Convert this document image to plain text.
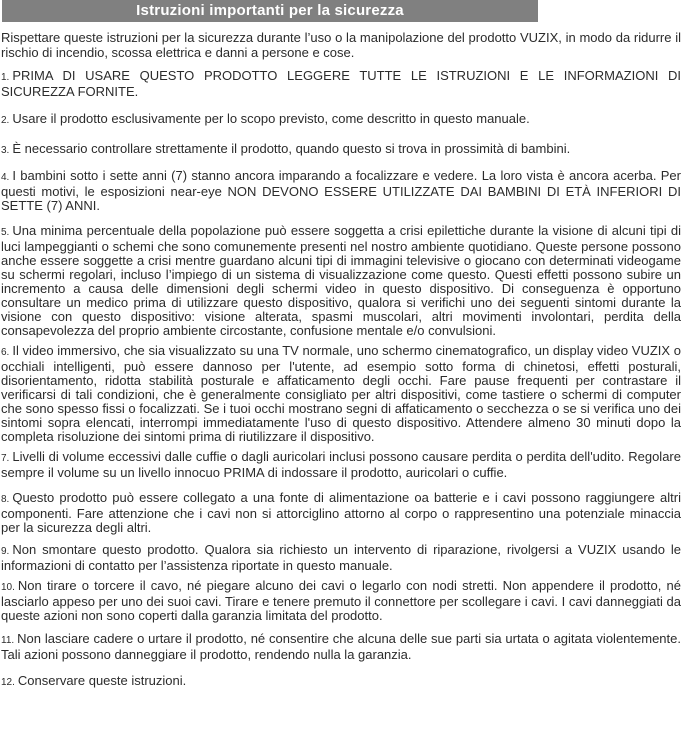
Istruzioni importanti per la sicurezza

Rispettare queste istruzioni per la sicurezza durante l’uso o la manipolazione del prodotto VUZIX, in modo da ridurre il rischio di incendio, scossa elettrica e danni a persone e cose.

1. PRIMA DI USARE QUESTO PRODOTTO LEGGERE TUTTE LE ISTRUZIONI E LE INFORMAZIONI DI SICUREZZA FORNITE.

2. Usare il prodotto esclusivamente per lo scopo previsto, come descritto in questo manuale.

3. È necessario controllare strettamente il prodotto, quando questo si trova in prossimità di bambini.

4. I bambini sotto i sette anni (7) stanno ancora imparando a focalizzare e vedere. La loro vista è ancora acerba. Per questi motivi, le esposizioni near-eye NON DEVONO ESSERE UTILIZZATE DAI BAMBINI DI ETÀ INFERIORI DI SETTE (7) ANNI.

5. Una minima percentuale della popolazione può essere soggetta a crisi epilettiche durante la visione di alcuni tipi di luci lampeggianti o schemi che sono comunemente presenti nel nostro ambiente quotidiano. Queste persone possono anche essere soggette a crisi mentre guardano alcuni tipi di immagini televisive o giocano con determinati videogame su schermi regolari, incluso l’impiego di un sistema di visualizzazione come questo. Questi effetti possono subire un incremento a causa delle dimensioni degli schermi video in questo dispositivo. Di conseguenza è opportuno consultare un medico prima di utilizzare questo dispositivo, qualora si verifichi uno dei seguenti sintomi durante la visione con questo dispositivo: visione alterata, spasmi muscolari, altri movimenti involontari, perdita della consapevolezza del proprio ambiente circostante, confusione mentale e/o convulsioni.

6. Il video immersivo, che sia visualizzato su una TV normale, uno schermo cinematografico, un display video VUZIX o occhiali intelligenti, può essere dannoso per l'utente, ad esempio sotto forma di chinetosi, effetti posturali, disorientamento, ridotta stabilità posturale e affaticamento degli occhi. Fare pause frequenti per contrastare il verificarsi di tali condizioni, che è generalmente consigliato per altri dispositivi, come tastiere o schermi di computer che sono spesso fissi o focalizzati. Se i tuoi occhi mostrano segni di affaticamento o secchezza o se si verifica uno dei sintomi sopra elencati, interrompi immediatamente l'uso di questo dispositivo. Attendere almeno 30 minuti dopo la completa risoluzione dei sintomi prima di riutilizzare il dispositivo.

7. Livelli di volume eccessivi dalle cuffie o dagli auricolari inclusi possono causare perdita o perdita dell'udito. Regolare sempre il volume su un livello innocuo PRIMA di indossare il prodotto, auricolari o cuffie.

8. Questo prodotto può essere collegato a una fonte di alimentazione oa batterie e i cavi possono raggiungere altri componenti. Fare attenzione che i cavi non si attorciglino attorno al corpo o rappresentino una potenziale minaccia per la sicurezza degli altri.

9. Non smontare questo prodotto. Qualora sia richiesto un intervento di riparazione, rivolgersi a VUZIX usando le informazioni di contatto per l’assistenza riportate in questo manuale.

10. Non tirare o torcere il cavo, né piegare alcuno dei cavi o legarlo con nodi stretti. Non appendere il prodotto, né lasciarlo appeso per uno dei suoi cavi. Tirare e tenere premuto il connettore per scollegare i cavi. I cavi danneggiati da queste azioni non sono coperti dalla garanzia limitata del prodotto.

11. Non lasciare cadere o urtare il prodotto, né consentire che alcuna delle sue parti sia urtata o agitata violentemente. Tali azioni possono danneggiare il prodotto, rendendo nulla la garanzia.

12. Conservare queste istruzioni.
